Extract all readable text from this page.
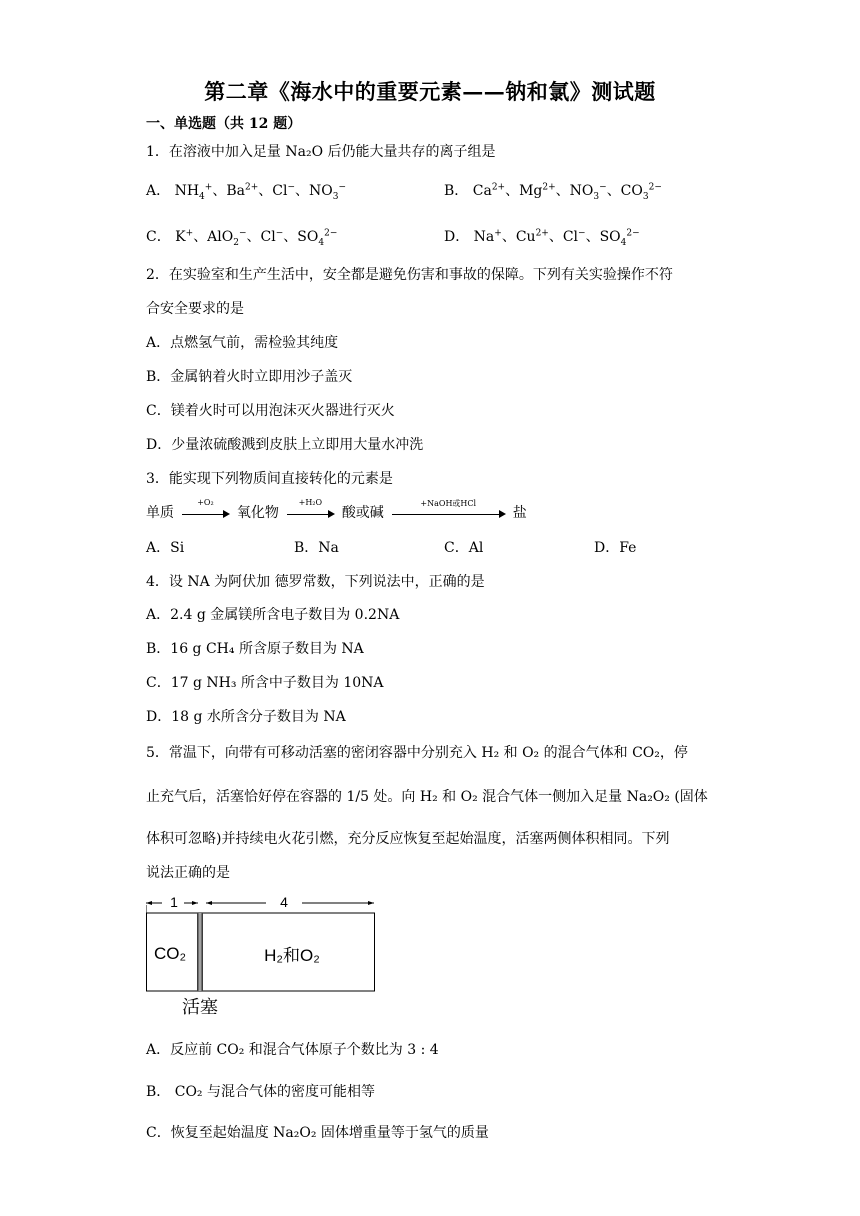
第二章《海水中的重要元素——钠和氯》测试题
一、单选题（共 12 题）
1．在溶液中加入足量 Na₂O 后仍能大量共存的离子组是
A． $NH_4^+$、$Ba^{2+}$、Cl−、$NO_3^-$	B． $Ca^{2+}$、$Mg^{2+}$、$NO_3^-$、$CO_3^{2-}$
C． K+、AlO$_2$−、Cl−、$SO_4^{2-}$	D． Na+、$Cu^{2+}$、Cl−、$SO_4^{2-}$
2．在实验室和生产生活中，安全都是避免伤害和事故的保障。下列有关实验操作不符
合安全要求的是
A．点燃氢气前，需检验其纯度
B．金属钠着火时立即用沙子盖灭
C．镁着火时可以用泡沫灭火器进行灭火
D．少量浓硫酸溅到皮肤上立即用大量水冲洗
3．能实现下列物质间直接转化的元素是
单质
+O₂
氧化物
+H₂O
酸或碱
+NaOH或HCl
盐
A．Si	B．Na	C．Al	D．Fe
4．设 NA 为阿伏加 德罗常数，下列说法中，正确的是
A．2.4 g 金属镁所含电子数目为 0.2NA
B．16 g CH₄ 所含原子数目为 NA
C．17 g NH₃ 所含中子数目为 10NA
D．18 g 水所含分子数目为 NA
5．常温下，向带有可移动活塞的密闭容器中分别充入 H₂ 和 O₂ 的混合气体和 CO₂，停
止充气后，活塞恰好停在容器的 1/5 处。向 H₂ 和 O₂ 混合气体一侧加入足量 Na₂O₂ (固体
体积可忽略)并持续电火花引燃，充分反应恢复至起始温度，活塞两侧体积相同。下列
说法正确的是
1	4
CO₂	H₂和O₂
活塞
A．反应前 CO₂ 和混合气体原子个数比为 3 : 4
B． CO₂ 与混合气体的密度可能相等
C．恢复至起始温度 Na₂O₂ 固体增重量等于氢气的质量
